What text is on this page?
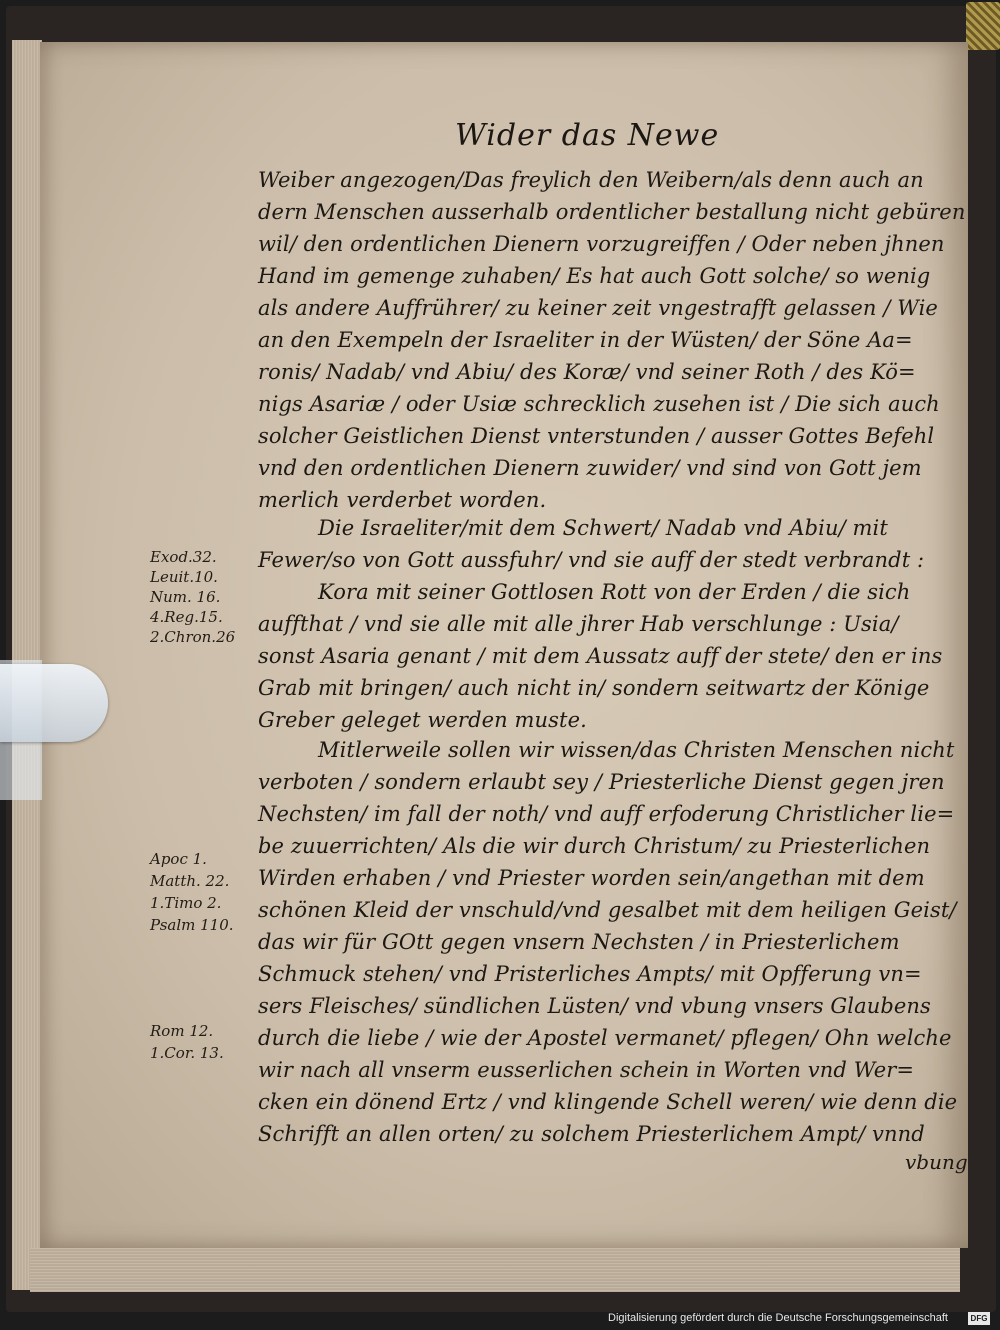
Wider das Newe
Weiber angezogen/Das freylich den Weibern/als denn auch an
dern Menschen ausserhalb ordentlicher bestallung nicht gebüren
wil/ den ordentlichen Dienern vorzugreiffen / Oder neben jhnen
Hand im gemenge zuhaben/ Es hat auch Gott solche/ so wenig
als andere Auffrührer/ zu keiner zeit vngestrafft gelassen / Wie
an den Exempeln der Israeliter in der Wüsten/ der Söne Aa=
ronis/ Nadab/ vnd Abiu/ des Koræ/ vnd seiner Roth / des Kö=
nigs Asariæ / oder Usiæ schrecklich zusehen ist / Die sich auch
solcher Geistlichen Dienst vnterstunden / ausser Gottes Befehl
vnd den ordentlichen Dienern zuwider/ vnd sind von Gott jem
merlich verderbet worden.
Die Israeliter/mit dem Schwert/ Nadab vnd Abiu/ mit
Fewer/so von Gott aussfuhr/ vnd sie auff der stedt verbrandt :
Kora mit seiner Gottlosen Rott von der Erden / die sich
auffthat / vnd sie alle mit alle jhrer Hab verschlunge : Usia/
sonst Asaria genant / mit dem Aussatz auff der stete/ den er ins
Grab mit bringen/ auch nicht in/ sondern seitwartz der Könige
Greber geleget werden muste.
Mitlerweile sollen wir wissen/das Christen Menschen nicht
verboten / sondern erlaubt sey / Priesterliche Dienst gegen jren
Nechsten/ im fall der noth/ vnd auff erfoderung Christlicher lie=
be zuuerrichten/ Als die wir durch Christum/ zu Priesterlichen
Wirden erhaben / vnd Priester worden sein/angethan mit dem
schönen Kleid der vnschuld/vnd gesalbet mit dem heiligen Geist/
das wir für GOtt gegen vnsern Nechsten / in Priesterlichem
Schmuck stehen/ vnd Pristerliches Ampts/ mit Opfferung vn=
sers Fleisches/ sündlichen Lüsten/ vnd vbung vnsers Glaubens
durch die liebe / wie der Apostel vermanet/ pflegen/ Ohn welche
wir nach all vnserm eusserlichen schein in Worten vnd Wer=
cken ein dönend Ertz / vnd klingende Schell weren/ wie denn die
Schrifft an allen orten/ zu solchem Priesterlichem Ampt/ vnnd
vbung
Exod.32.
Leuit.10.
Num. 16.
4.Reg.15.
2.Chron.26
Apoc 1.
Matth. 22.
1.Timo 2.
Psalm 110.
Rom 12.
1.Cor. 13.
Digitalisierung gefördert durch die Deutsche Forschungsgemeinschaft	DFG
